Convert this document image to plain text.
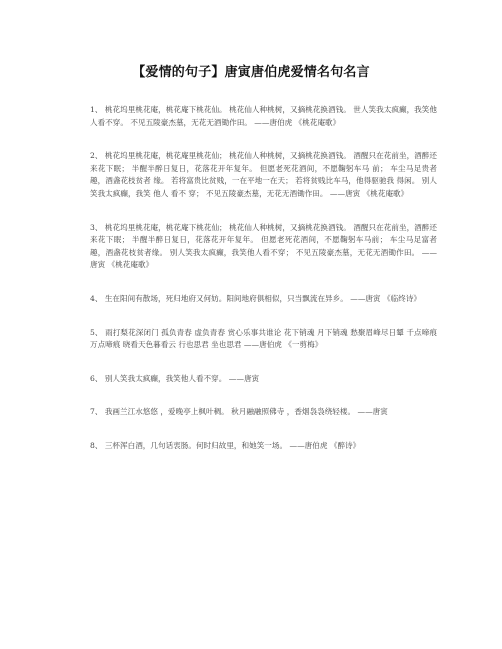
【爱情的句子】唐寅唐伯虎爱情名句名言

1、 桃花坞里桃花庵，桃花庵下桃花仙。 桃花仙人种桃树，又摘桃花换酒钱。 世人笑我太疯癫，我笑他人看不穿。 不见五陵豪杰墓，无花无酒锄作田。 ——唐伯虎 《桃花庵歌》

2、 桃花坞里桃花庵，桃花庵里桃花仙； 桃花仙人种桃树，又摘桃花换酒钱。 酒醒只在花前坐，酒醉还来花下眠； 半醒半醉日复日，花落花开年复年。 但愿老死花酒间，不愿鞠躬车马 前； 车尘马足贵者趣，酒盏花枝贫者 缘。 若将富贵比贫贱，一在平地一在天； 若将贫贱比车马，他得驱驰我 得闲。 别人笑我太疯癫，我笑 他人 看不 穿； 不见五陵豪杰墓，无花无酒锄作田。 ——唐寅 《桃花庵歌》

3、 桃花坞里桃花庵，桃花庵下桃花仙； 桃花仙人种桃树，又摘桃花换酒钱。 酒醒只在花前坐，酒醉还来花下眠； 半醒半醉日复日，花落花开年复年。 但愿老死花酒间，不愿鞠躬车马前； 车尘马足富者趣，酒盏花枝贫者缘。 别人笑我太疯癫，我笑他人看不穿； 不见五陵豪杰墓，无花无酒锄作田。 ——唐寅 《桃花庵歌》

4、 生在阳间有散场，死归地府又何妨。阳间地府俱相似，只当飘流在异乡。 ——唐寅 《临终诗》

5、 雨打梨花深闭门 孤负青春 虚负青春 赏心乐事共谁论 花下销魂 月下销魂 愁聚眉峰尽日颦 千点啼痕 万点啼痕 晓看天色暮看云 行也思君 坐也思君 ——唐伯虎 《一剪梅》

6、 别人笑我太疯癫，我笑他人看不穿。 ——唐寅

7、 我画兰江水悠悠 ，爱晚亭上枫叶稠。 秋月融融照佛寺 ，香烟袅袅绕轻楼。 ——唐寅

8、 三杯浑白酒，几句话衷肠。何时归故里，和她笑一场。 ——唐伯虎 《醉诗》
